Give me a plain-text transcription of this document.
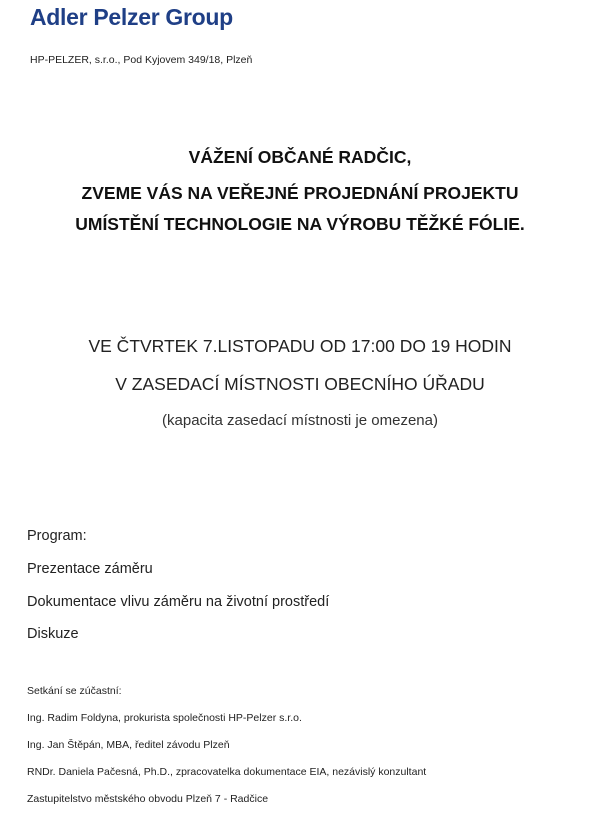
Adler Pelzer Group
HP-PELZER, s.r.o., Pod Kyjovem 349/18, Plzeň
VÁŽENÍ OBČANÉ RADČIC,
ZVEME VÁS NA VEŘEJNÉ PROJEDNÁNÍ PROJEKTU
UMÍSTĚNÍ TECHNOLOGIE NA VÝROBU TĚŽKÉ FÓLIE.
VE ČTVRTEK 7.LISTOPADU OD 17:00 DO 19 HODIN
V ZASEDACÍ MÍSTNOSTI OBECNÍHO ÚŘADU
(kapacita zasedací místnosti je omezena)
Program:
Prezentace záměru
Dokumentace vlivu záměru na životní prostředí
Diskuze
Setkání se zúčastní:
Ing. Radim Foldyna, prokurista společnosti HP-Pelzer s.r.o.
Ing. Jan Štěpán, MBA, ředitel závodu Plzeň
RNDr. Daniela Pačesná, Ph.D., zpracovatelka dokumentace EIA, nezávislý konzultant
Zastupitelstvo městského obvodu Plzeň 7 - Radčice
